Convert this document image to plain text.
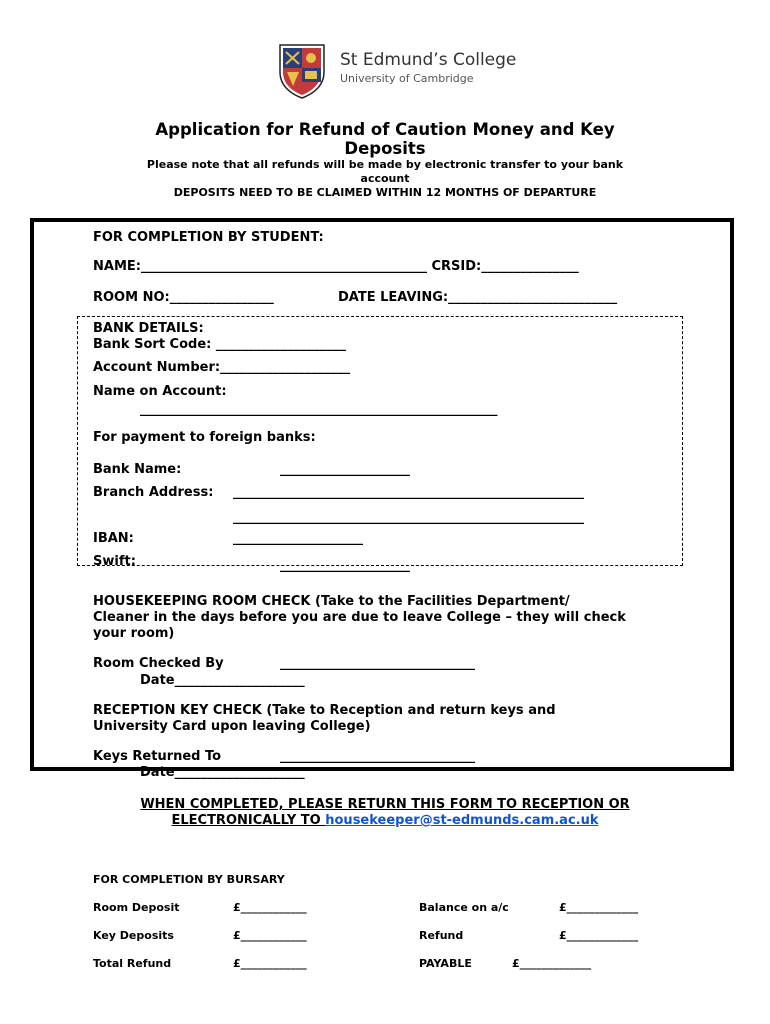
St Edmund’s College
University of Cambridge
Application for Refund of Caution Money and Key
Deposits
Please note that all refunds will be made by electronic transfer to your bank
account
DEPOSITS NEED TO BE CLAIMED WITHIN 12 MONTHS OF DEPARTURE
FOR COMPLETION BY STUDENT:
NAME:____________________________________________ CRSID:_______________
ROOM NO:________________	DATE LEAVING:__________________________
BANK DETAILS:
Bank Sort Code: ____________________
Account Number:____________________
Name on Account:
_______________________________________________________
For payment to foreign banks:
Bank Name:	____________________
Branch Address: ______________________________________________________
______________________________________________________
IBAN:	____________________
Swift:	____________________
HOUSEKEEPING ROOM CHECK (Take to the Facilities Department/
Cleaner in the days before you are due to leave College – they will check
your room)
Room Checked By	______________________________
Date____________________
RECEPTION KEY CHECK (Take to Reception and return keys and
University Card upon leaving College)
Keys Returned To	______________________________
Date____________________
WHEN COMPLETED, PLEASE RETURN THIS FORM TO RECEPTION OR
ELECTRONICALLY TO housekeeper@st-edmunds.cam.ac.uk
FOR COMPLETION BY BURSARY
Room Deposit	£____________	Balance on a/c	£_____________
Key Deposits	£____________	Refund	£_____________
Total Refund	£____________	PAYABLE	£_____________
